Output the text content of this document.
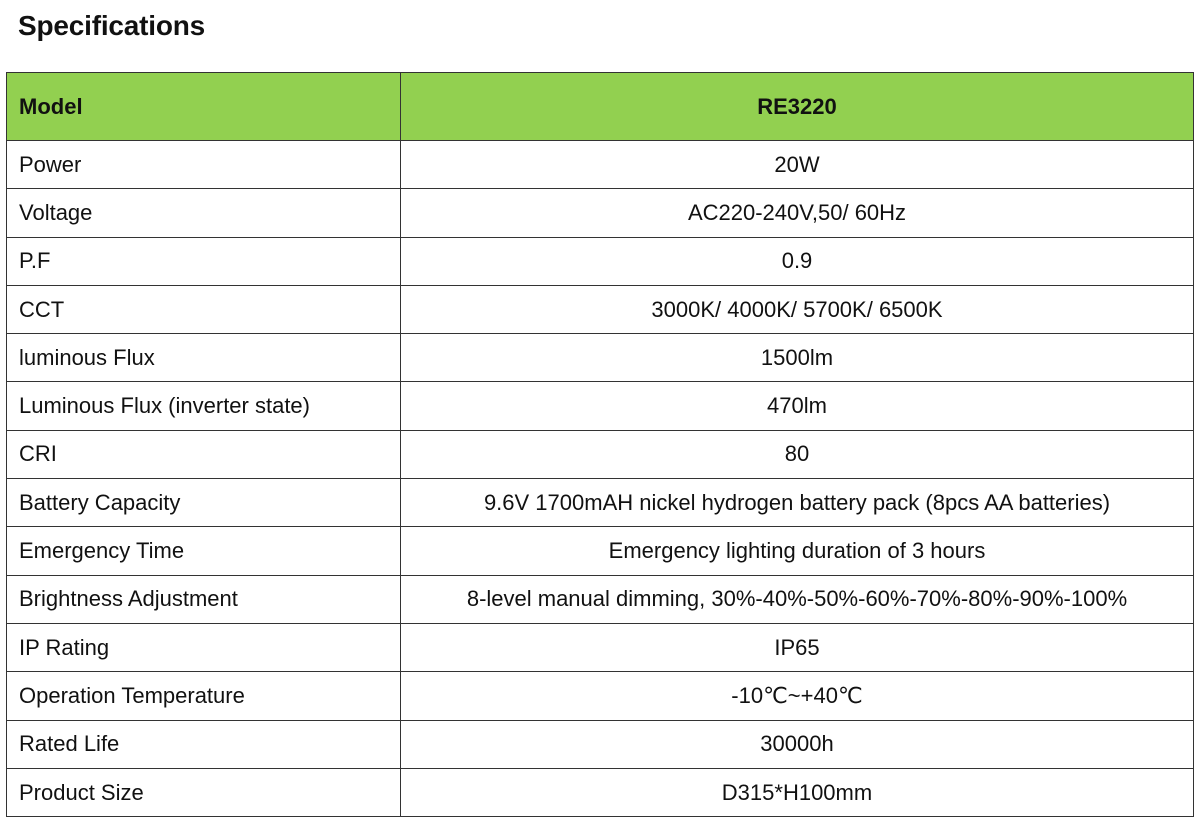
Specifications
Model	RE3220
Power	20W
Voltage	AC220-240V,50/ 60Hz
P.F	0.9
CCT	3000K/ 4000K/ 5700K/ 6500K
luminous Flux	1500lm
Luminous Flux (inverter state)	470lm
CRI	80
Battery Capacity	9.6V 1700mAH nickel hydrogen battery pack (8pcs AA batteries)
Emergency Time	Emergency lighting duration of 3 hours
Brightness Adjustment	8-level manual dimming, 30%-40%-50%-60%-70%-80%-90%-100%
IP Rating	IP65
Operation Temperature	-10℃~+40℃
Rated Life	30000h
Product Size	D315*H100mm
